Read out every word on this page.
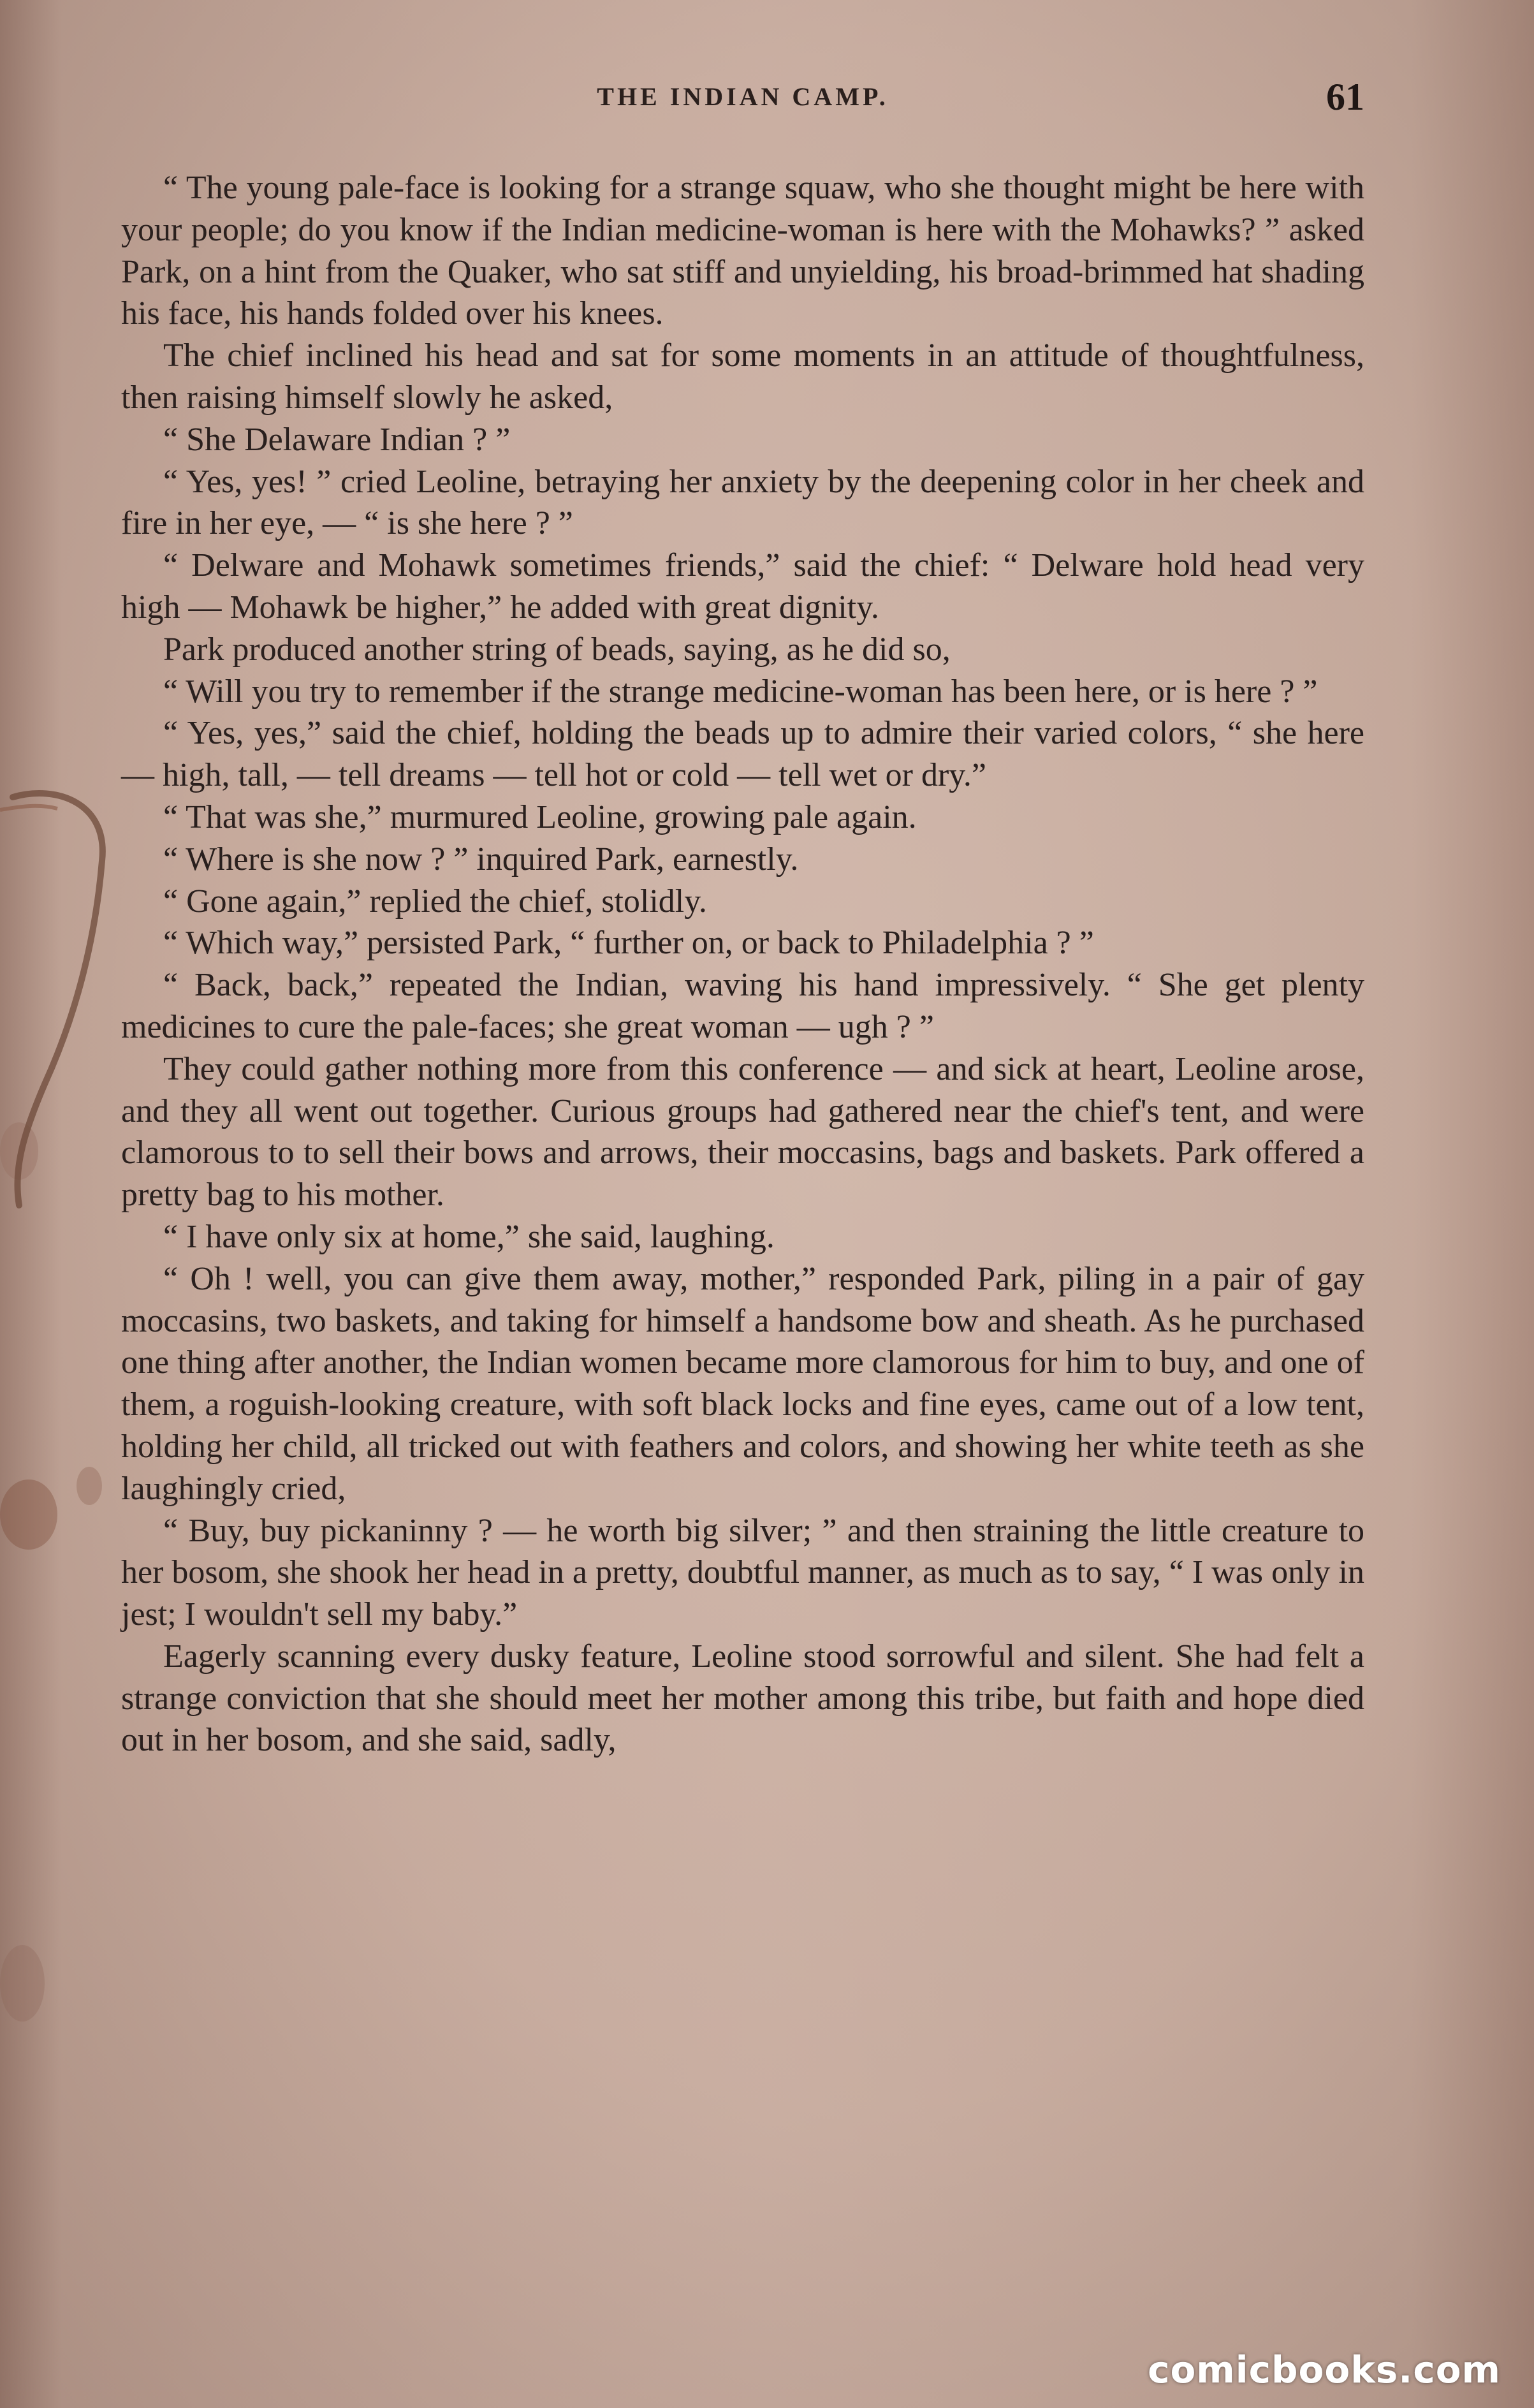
THE INDIAN CAMP.	61

“ The young pale-face is looking for a strange squaw, who she thought might be here with your people; do you know if the Indian medicine-woman is here with the Mohawks? ” asked Park, on a hint from the Quaker, who sat stiff and unyielding, his broad-brimmed hat shading his face, his hands folded over his knees.

The chief inclined his head and sat for some moments in an attitude of thoughtfulness, then raising himself slowly he asked,

“ She Delaware Indian ? ”

“ Yes, yes! ” cried Leoline, betraying her anxiety by the deepening color in her cheek and fire in her eye, — “ is she here ? ”

“ Delware and Mohawk sometimes friends,” said the chief: “ Delware hold head very high — Mohawk be higher,” he added with great dignity.

Park produced another string of beads, saying, as he did so,

“ Will you try to remember if the strange medicine-woman has been here, or is here ? ”

“ Yes, yes,” said the chief, holding the beads up to admire their varied colors, “ she here — high, tall, — tell dreams — tell hot or cold — tell wet or dry.”

“ That was she,” murmured Leoline, growing pale again.

“ Where is she now ? ” inquired Park, earnestly.

“ Gone again,” replied the chief, stolidly.

“ Which way,” persisted Park, “ further on, or back to Philadelphia ? ”

“ Back, back,” repeated the Indian, waving his hand impressively. “ She get plenty medicines to cure the pale-faces; she great woman — ugh ? ”

They could gather nothing more from this conference — and sick at heart, Leoline arose, and they all went out together. Curious groups had gathered near the chief's tent, and were clamorous to to sell their bows and arrows, their moccasins, bags and baskets. Park offered a pretty bag to his mother.

“ I have only six at home,” she said, laughing.

“ Oh ! well, you can give them away, mother,” responded Park, piling in a pair of gay moccasins, two baskets, and taking for himself a handsome bow and sheath. As he purchased one thing after another, the Indian women became more clamorous for him to buy, and one of them, a roguish-looking creature, with soft black locks and fine eyes, came out of a low tent, holding her child, all tricked out with feathers and colors, and showing her white teeth as she laughingly cried,

“ Buy, buy pickaninny ? — he worth big silver; ” and then straining the little creature to her bosom, she shook her head in a pretty, doubtful manner, as much as to say, “ I was only in jest; I wouldn't sell my baby.”

Eagerly scanning every dusky feature, Leoline stood sorrowful and silent. She had felt a strange conviction that she should meet her mother among this tribe, but faith and hope died out in her bosom, and she said, sadly,

comicbooks.com
